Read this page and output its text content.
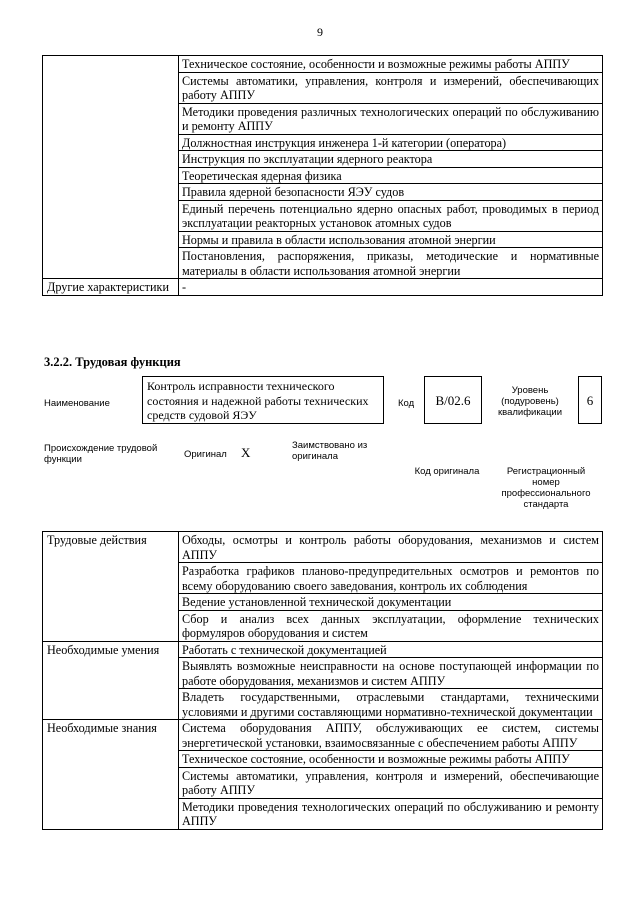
9
	Техническое состояние, особенности и возможные режимы работы АППУ
	Системы автоматики, управления, контроля и измерений, обеспечивающих работу АППУ
	Методики проведения различных технологических операций по обслуживанию и ремонту АППУ
	Должностная инструкция инженера 1-й категории (оператора)
	Инструкция по эксплуатации ядерного реактора
	Теоретическая ядерная физика
	Правила ядерной безопасности ЯЭУ судов
	Единый перечень потенциально ядерно опасных работ, проводимых в период эксплуатации реакторных установок атомных судов
	Нормы и правила в области использования атомной энергии
	Постановления, распоряжения, приказы, методические и нормативные материалы в области использования атомной энергии
Другие характеристики	-
3.2.2. Трудовая функция
Наименование
Контроль исправности технического состояния и надежной работы технических средств судовой ЯЭУ
Код	B/02.6
Уровень (подуровень) квалификации
6
Происхождение трудовой функции	Оригинал X	Заимствовано из оригинала
Код оригинала	Регистрационный номер профессионального стандарта
Трудовые действия	Обходы, осмотры и контроль работы оборудования, механизмов и систем АППУ
	Разработка графиков планово-предупредительных осмотров и ремонтов по всему оборудованию своего заведования, контроль их соблюдения
	Ведение установленной технической документации
	Сбор и анализ всех данных эксплуатации, оформление технических формуляров оборудования и систем
Необходимые умения	Работать с технической документацией
	Выявлять возможные неисправности на основе поступающей информации по работе оборудования, механизмов и систем АППУ
	Владеть государственными, отраслевыми стандартами, техническими условиями и другими составляющими нормативно-технической документации
Необходимые знания	Система оборудования АППУ, обслуживающих ее систем, системы энергетической установки, взаимосвязанные с обеспечением работы АППУ
	Техническое состояние, особенности и возможные режимы работы АППУ
	Системы автоматики, управления, контроля и измерений, обеспечивающие работу АППУ
	Методики проведения технологических операций по обслуживанию и ремонту АППУ
